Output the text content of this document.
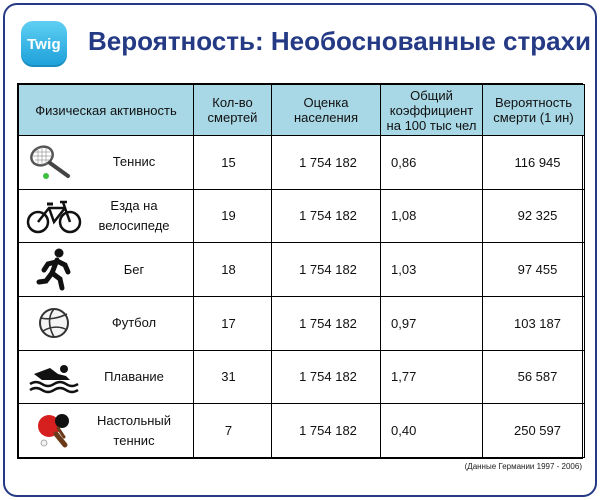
Twig Вероятность: Необоснованные страхи
Физическая активность	Кол-во смертей	Оценка населения	Общий коэффициент на 100 тыс чел	Вероятность смерти (1 ин)

Теннис	15	1 754 182	0,86	116 945

Езда на велосипеде	19	1 754 182	1,08	92 325

Бег	18	1 754 182	1,03	97 455

Футбол	17	1 754 182	0,97	103 187

Плавание	31	1 754 182	1,77	56 587

Настольный теннис	7	1 754 182	0,40	250 597
(Данные Германии 1997 - 2006)
